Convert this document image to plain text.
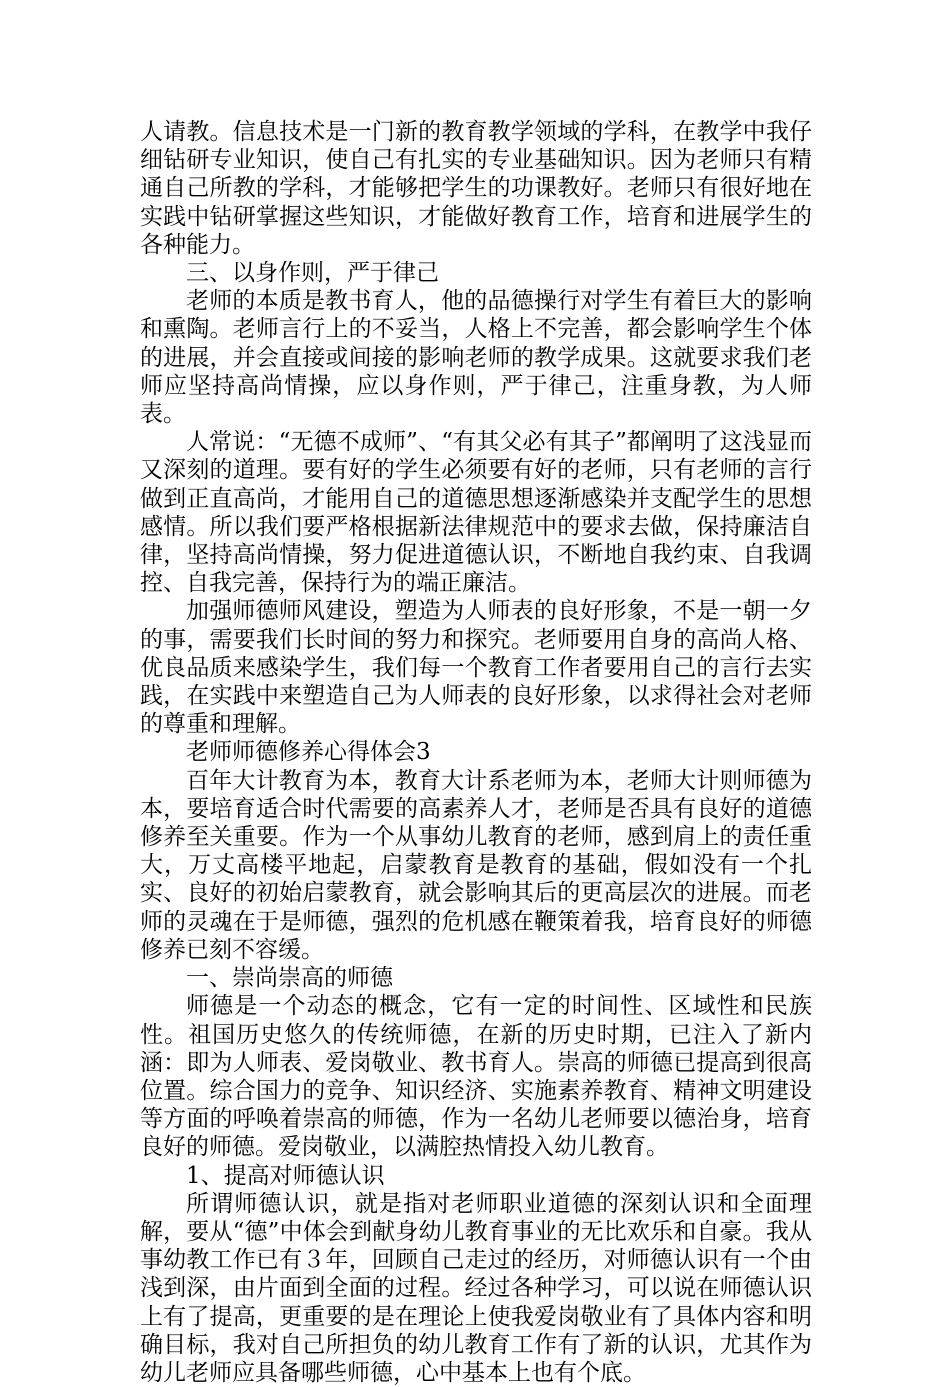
人请教。信息技术是一门新的教育教学领域的学科，在教学中我仔细钻研专业知识，使自己有扎实的专业基础知识。因为老师只有精通自己所教的学科，才能够把学生的功课教好。老师只有很好地在实践中钻研掌握这些知识，才能做好教育工作，培育和进展学生的各种能力。

三、以身作则，严于律己

老师的本质是教书育人，他的品德操行对学生有着巨大的影响和熏陶。老师言行上的不妥当，人格上不完善，都会影响学生个体的进展，并会直接或间接的影响老师的教学成果。这就要求我们老师应坚持高尚情操，应以身作则，严于律己，注重身教，为人师表。

人常说：“无德不成师”、“有其父必有其子”都阐明了这浅显而又深刻的道理。要有好的学生必须要有好的老师，只有老师的言行做到正直高尚，才能用自己的道德思想逐渐感染并支配学生的思想感情。所以我们要严格根据新法律规范中的要求去做，保持廉洁自律，坚持高尚情操，努力促进道德认识，不断地自我约束、自我调控、自我完善，保持行为的端正廉洁。

加强师德师风建设，塑造为人师表的良好形象，不是一朝一夕的事，需要我们长时间的努力和探究。老师要用自身的高尚人格、优良品质来感染学生，我们每一个教育工作者要用自己的言行去实践，在实践中来塑造自己为人师表的良好形象，以求得社会对老师的尊重和理解。

老师师德修养心得体会3

百年大计教育为本，教育大计系老师为本，老师大计则师德为本，要培育适合时代需要的高素养人才，老师是否具有良好的道德修养至关重要。作为一个从事幼儿教育的老师，感到肩上的责任重大，万丈高楼平地起，启蒙教育是教育的基础，假如没有一个扎实、良好的初始启蒙教育，就会影响其后的更高层次的进展。而老师的灵魂在于是师德，强烈的危机感在鞭策着我，培育良好的师德修养已刻不容缓。

一、崇尚崇高的师德

师德是一个动态的概念，它有一定的时间性、区域性和民族性。祖国历史悠久的传统师德，在新的历史时期，已注入了新内涵：即为人师表、爱岗敬业、教书育人。崇高的师德已提高到很高位置。综合国力的竞争、知识经济、实施素养教育、精神文明建设等方面的呼唤着崇高的师德，作为一名幼儿老师要以德治身，培育良好的师德。爱岗敬业，以满腔热情投入幼儿教育。

1、提高对师德认识

所谓师德认识，就是指对老师职业道德的深刻认识和全面理解，要从“德”中体会到献身幼儿教育事业的无比欢乐和自豪。我从事幼教工作已有３年，回顾自己走过的经历，对师德认识有一个由浅到深，由片面到全面的过程。经过各种学习，可以说在师德认识上有了提高，更重要的是在理论上使我爱岗敬业有了具体内容和明确目标，我对自己所担负的幼儿教育工作有了新的认识，尤其作为幼儿老师应具备哪些师德，心中基本上也有个底。
